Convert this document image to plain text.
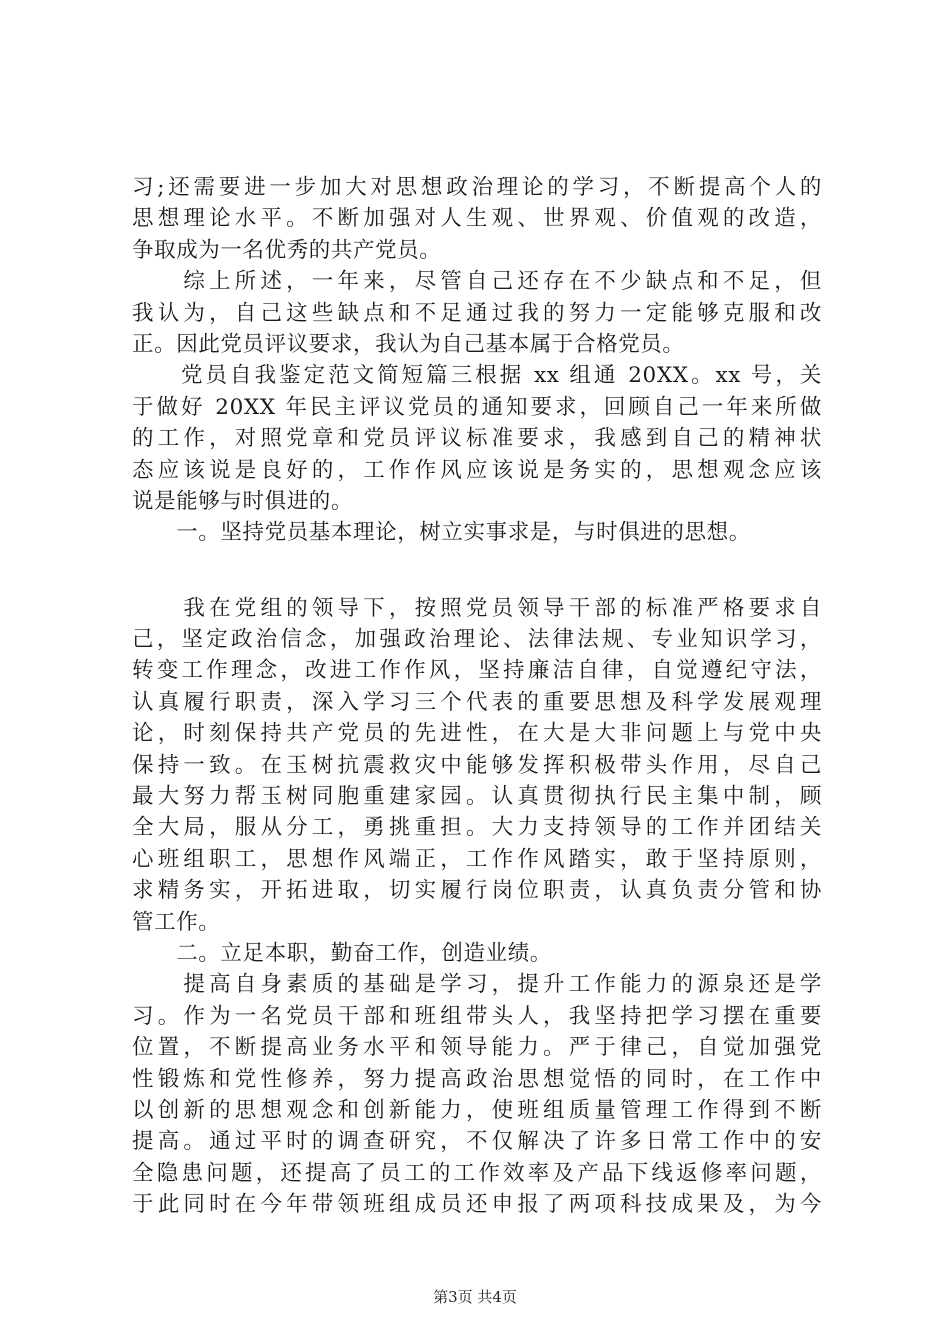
习;还需要进一步加大对思想政治理论的学习，不断提高个人的
思想理论水平。不断加强对人生观、世界观、价值观的改造，
争取成为一名优秀的共产党员。
　　综上所述，一年来，尽管自己还存在不少缺点和不足，但
我认为，自己这些缺点和不足通过我的努力一定能够克服和改
正。因此党员评议要求，我认为自己基本属于合格党员。
　　党员自我鉴定范文简短篇三根据 xx 组通 20XX。xx 号，关
于做好 20XX 年民主评议党员的通知要求，回顾自己一年来所做
的工作，对照党章和党员评议标准要求，我感到自己的精神状
态应该说是良好的，工作作风应该说是务实的，思想观念应该
说是能够与时俱进的。
　　一。坚持党员基本理论，树立实事求是，与时俱进的思想。
　　我在党组的领导下，按照党员领导干部的标准严格要求自
己，坚定政治信念，加强政治理论、法律法规、专业知识学习，
转变工作理念，改进工作作风，坚持廉洁自律，自觉遵纪守法，
认真履行职责，深入学习三个代表的重要思想及科学发展观理
论，时刻保持共产党员的先进性，在大是大非问题上与党中央
保持一致。在玉树抗震救灾中能够发挥积极带头作用，尽自己
最大努力帮玉树同胞重建家园。认真贯彻执行民主集中制，顾
全大局，服从分工，勇挑重担。大力支持领导的工作并团结关
心班组职工，思想作风端正，工作作风踏实，敢于坚持原则，
求精务实，开拓进取，切实履行岗位职责，认真负责分管和协
管工作。
　　二。立足本职，勤奋工作，创造业绩。
　　提高自身素质的基础是学习，提升工作能力的源泉还是学
习。作为一名党员干部和班组带头人，我坚持把学习摆在重要
位置，不断提高业务水平和领导能力。严于律己，自觉加强党
性锻炼和党性修养，努力提高政治思想觉悟的同时，在工作中
以创新的思想观念和创新能力，使班组质量管理工作得到不断
提高。通过平时的调查研究，不仅解决了许多日常工作中的安
全隐患问题，还提高了员工的工作效率及产品下线返修率问题，
于此同时在今年带领班组成员还申报了两项科技成果及，为今
第3页 共4页
